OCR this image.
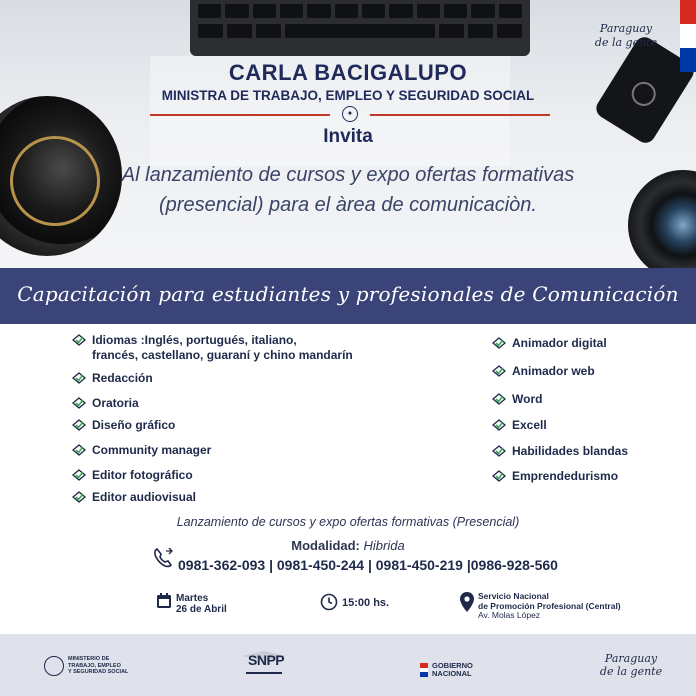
Paraguay
de la gente
CARLA BACIGALUPO
MINISTRA DE TRABAJO, EMPLEO Y SEGURIDAD SOCIAL
✦
Invita
Al lanzamiento de cursos y expo ofertas formativas
(presencial) para el àrea de comunicaciòn.
Capacitación para estudiantes y profesionales de Comunicación
Idiomas :Inglés, portugués, italiano,
francés, castellano, guaraní y chino mandarín
Redacción
Oratoria
Diseño gráfico
Community manager
Editor fotográfico
Editor audiovisual
Animador digital
Animador web
Word
Excell
Habilidades blandas
Emprendedurismo
Lanzamiento de cursos y expo ofertas formativas (Presencial)
Modalidad: Hibrida
0981-362-093 | 0981-450-244 | 0981-450-219 |0986-928-560
Martes
26 de Abril
15:00 hs.
Servicio Nacional
de Promoción Profesional (Central)
Av. Molas López
MINISTERIO DE
TRABAJO, EMPLEO
Y SEGURIDAD SOCIAL
SNPP	GOBIERNO
NACIONAL
Paraguay
de la gente
